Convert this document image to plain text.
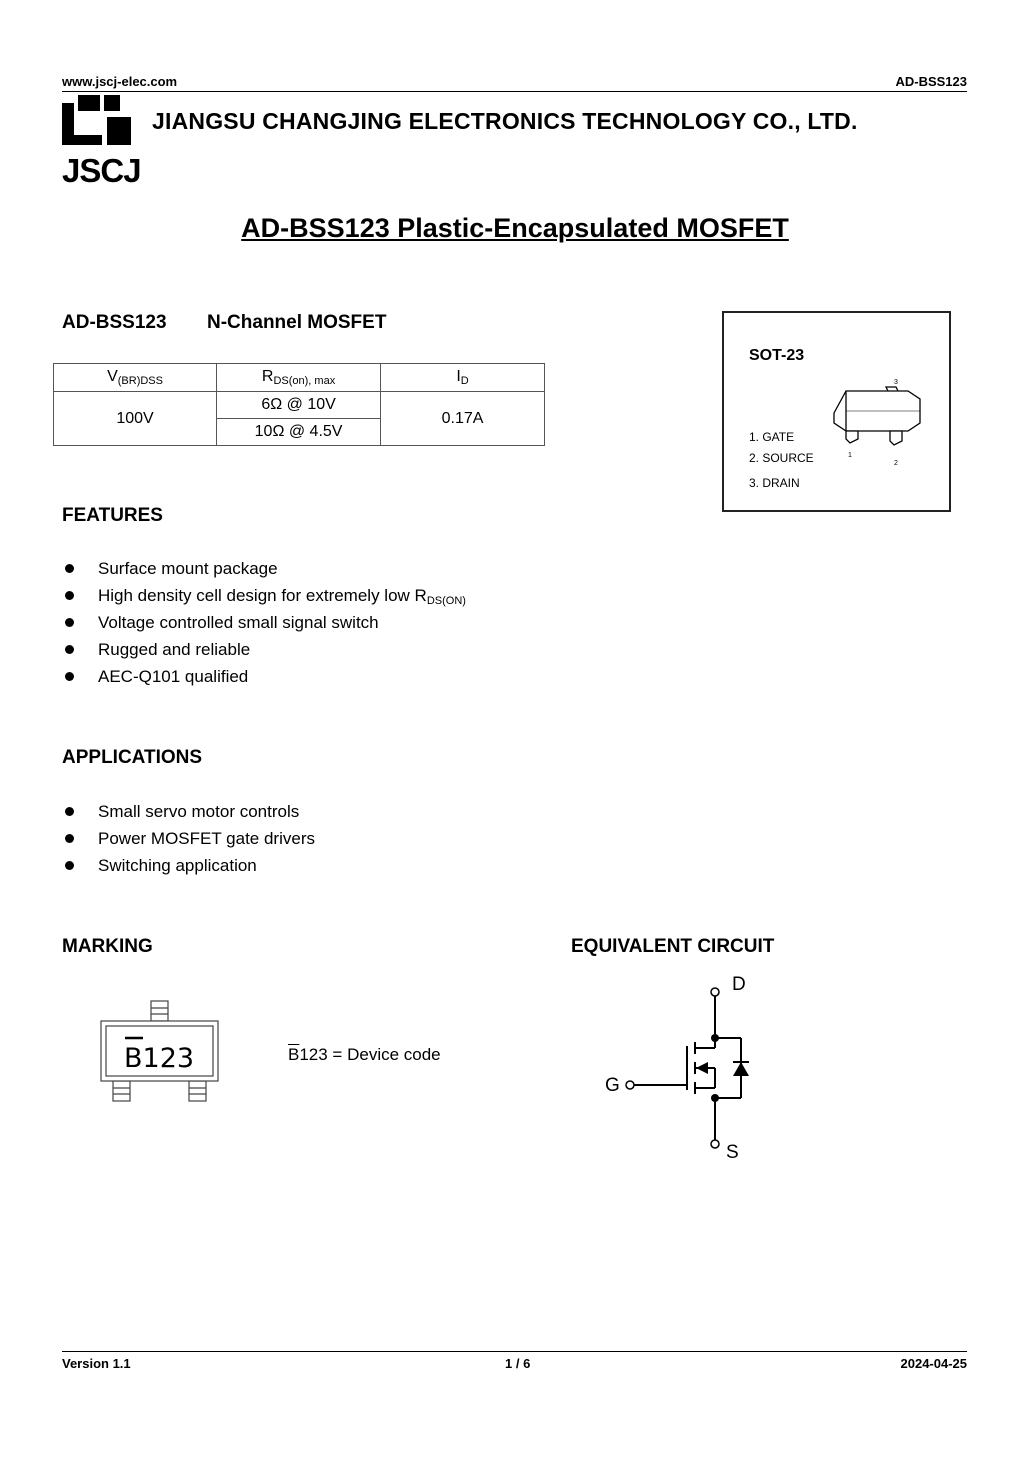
www.jscj-elec.com	AD-BSS123
JSCJ
JIANGSU CHANGJING ELECTRONICS TECHNOLOGY CO., LTD.
AD-BSS123 Plastic-Encapsulated MOSFET
AD-BSS123 N-Channel MOSFET
$V_{(BR)DSS}$	$R_{DS(on), max}$	$I_D$
100V	6Ω @ 10V	0.17A
	10Ω @ 4.5V	
SOT-23
1. GATE
2. SOURCE
3. DRAIN
3
1
2
FEATURES
Surface mount package
High density cell design for extremely low $R_{DS(ON)}$
Voltage controlled small signal switch
Rugged and reliable
AEC-Q101 qualified
APPLICATIONS
Small servo motor controls
Power MOSFET gate drivers
Switching application
MARKING
B123	$\overline{B}123$ = Device code
EQUIVALENT CIRCUIT
D
G
S
Version 1.1	1 / 6	2024-04-25
